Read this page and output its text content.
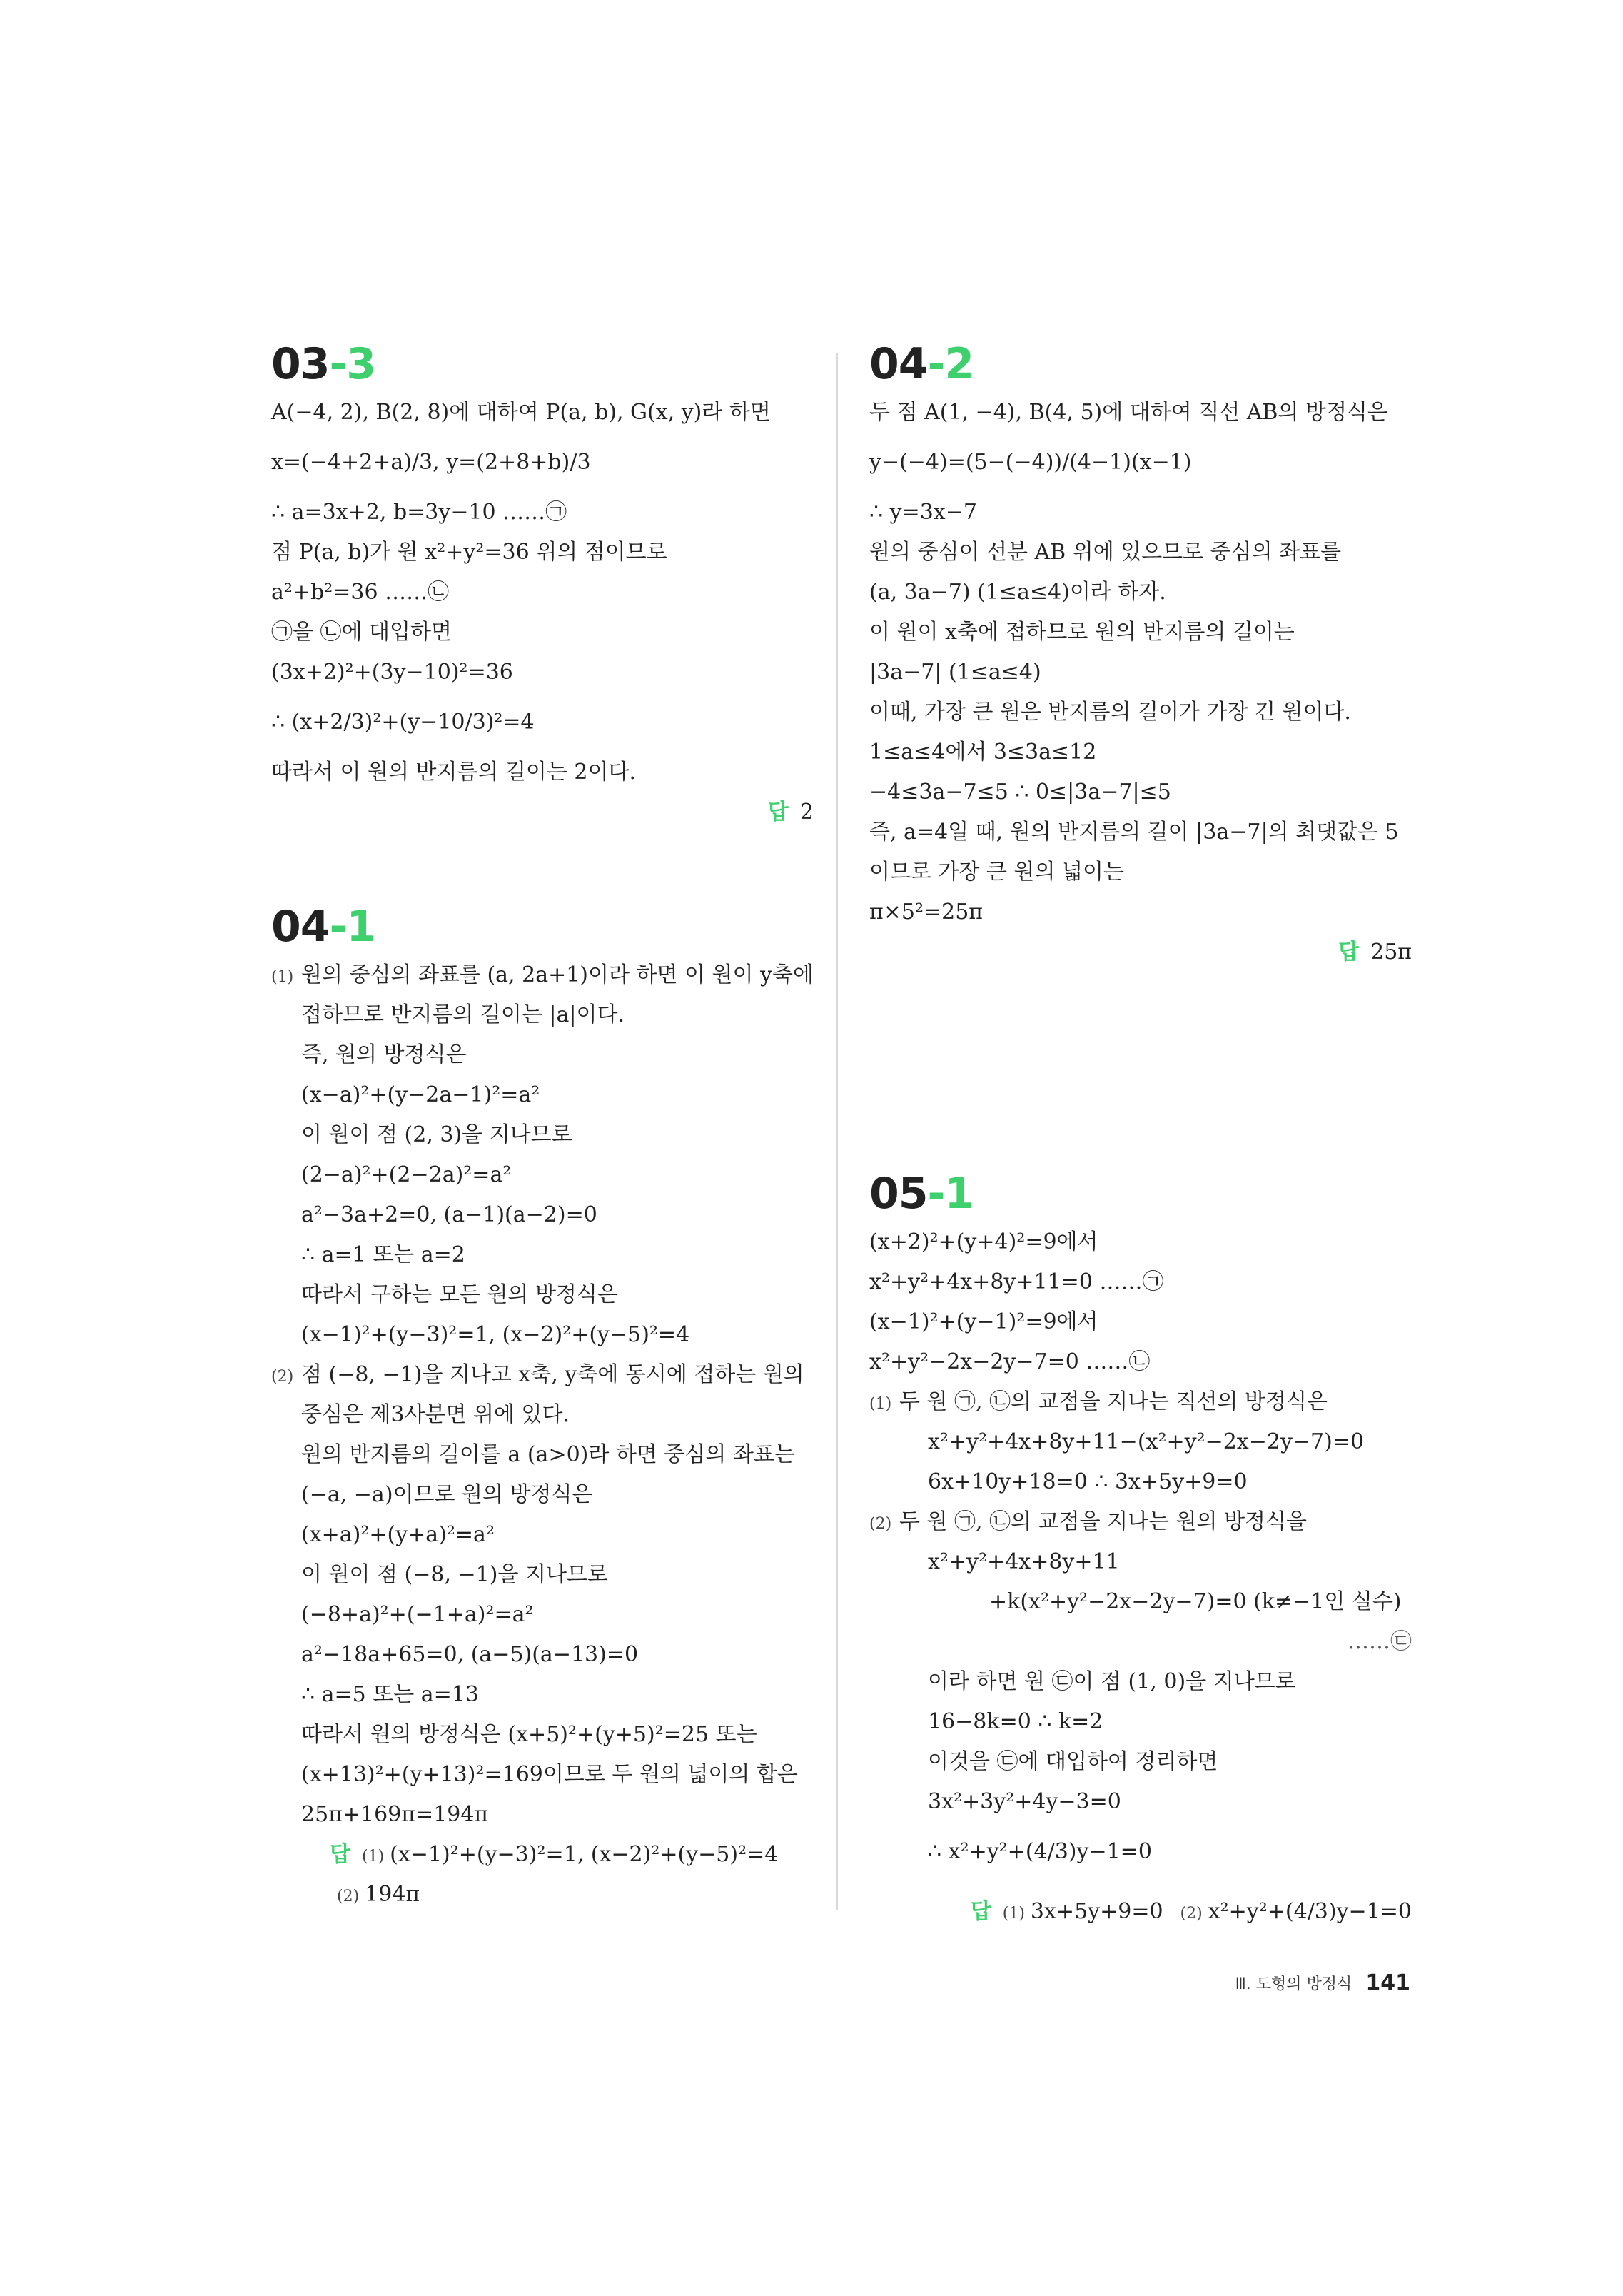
03-3
A(−4, 2), B(2, 8)에 대하여 P(a, b), G(x, y)라 하면
x=(−4+2+a)/3, y=(2+8+b)/3
∴ a=3x+2, b=3y−10 ……㉠
점 P(a, b)가 원 x²+y²=36 위의 점이므로
a²+b²=36 ……㉡
㉠을 ㉡에 대입하면
(3x+2)²+(3y−10)²=36
∴ (x+2/3)²+(y−10/3)²=4
따라서 이 원의 반지름의 길이는 2이다.
답 2
04-1
(1) 원의 중심의 좌표를 (a, 2a+1)이라 하면 이 원이 y축에
접하므로 반지름의 길이는 |a|이다.
즉, 원의 방정식은
(x−a)²+(y−2a−1)²=a²
이 원이 점 (2, 3)을 지나므로
(2−a)²+(2−2a)²=a²
a²−3a+2=0, (a−1)(a−2)=0
∴ a=1 또는 a=2
따라서 구하는 모든 원의 방정식은
(x−1)²+(y−3)²=1, (x−2)²+(y−5)²=4
(2) 점 (−8, −1)을 지나고 x축, y축에 동시에 접하는 원의
중심은 제3사분면 위에 있다.
원의 반지름의 길이를 a (a>0)라 하면 중심의 좌표는
(−a, −a)이므로 원의 방정식은
(x+a)²+(y+a)²=a²
이 원이 점 (−8, −1)을 지나므로
(−8+a)²+(−1+a)²=a²
a²−18a+65=0, (a−5)(a−13)=0
∴ a=5 또는 a=13
따라서 원의 방정식은 (x+5)²+(y+5)²=25 또는
(x+13)²+(y+13)²=169이므로 두 원의 넓이의 합은
25π+169π=194π
답 (1) (x−1)²+(y−3)²=1, (x−2)²+(y−5)²=4
(2) 194π
04-2
두 점 A(1, −4), B(4, 5)에 대하여 직선 AB의 방정식은
y−(−4)=(5−(−4))/(4−1)(x−1)
∴ y=3x−7
원의 중심이 선분 AB 위에 있으므로 중심의 좌표를
(a, 3a−7) (1≤a≤4)이라 하자.
이 원이 x축에 접하므로 원의 반지름의 길이는
|3a−7| (1≤a≤4)
이때, 가장 큰 원은 반지름의 길이가 가장 긴 원이다.
1≤a≤4에서 3≤3a≤12
−4≤3a−7≤5 ∴ 0≤|3a−7|≤5
즉, a=4일 때, 원의 반지름의 길이 |3a−7|의 최댓값은 5
이므로 가장 큰 원의 넓이는
π×5²=25π
답 25π
05-1
(x+2)²+(y+4)²=9에서
x²+y²+4x+8y+11=0 ……㉠
(x−1)²+(y−1)²=9에서
x²+y²−2x−2y−7=0 ……㉡
(1) 두 원 ㉠, ㉡의 교점을 지나는 직선의 방정식은
x²+y²+4x+8y+11−(x²+y²−2x−2y−7)=0
6x+10y+18=0 ∴ 3x+5y+9=0
(2) 두 원 ㉠, ㉡의 교점을 지나는 원의 방정식을
x²+y²+4x+8y+11
+k(x²+y²−2x−2y−7)=0 (k≠−1인 실수)
……㉢
이라 하면 원 ㉢이 점 (1, 0)을 지나므로
16−8k=0 ∴ k=2
이것을 ㉢에 대입하여 정리하면
3x²+3y²+4y−3=0
∴ x²+y²+(4/3)y−1=0
답 (1) 3x+5y+9=0 (2) x²+y²+(4/3)y−1=0
Ⅲ. 도형의 방정식 141
